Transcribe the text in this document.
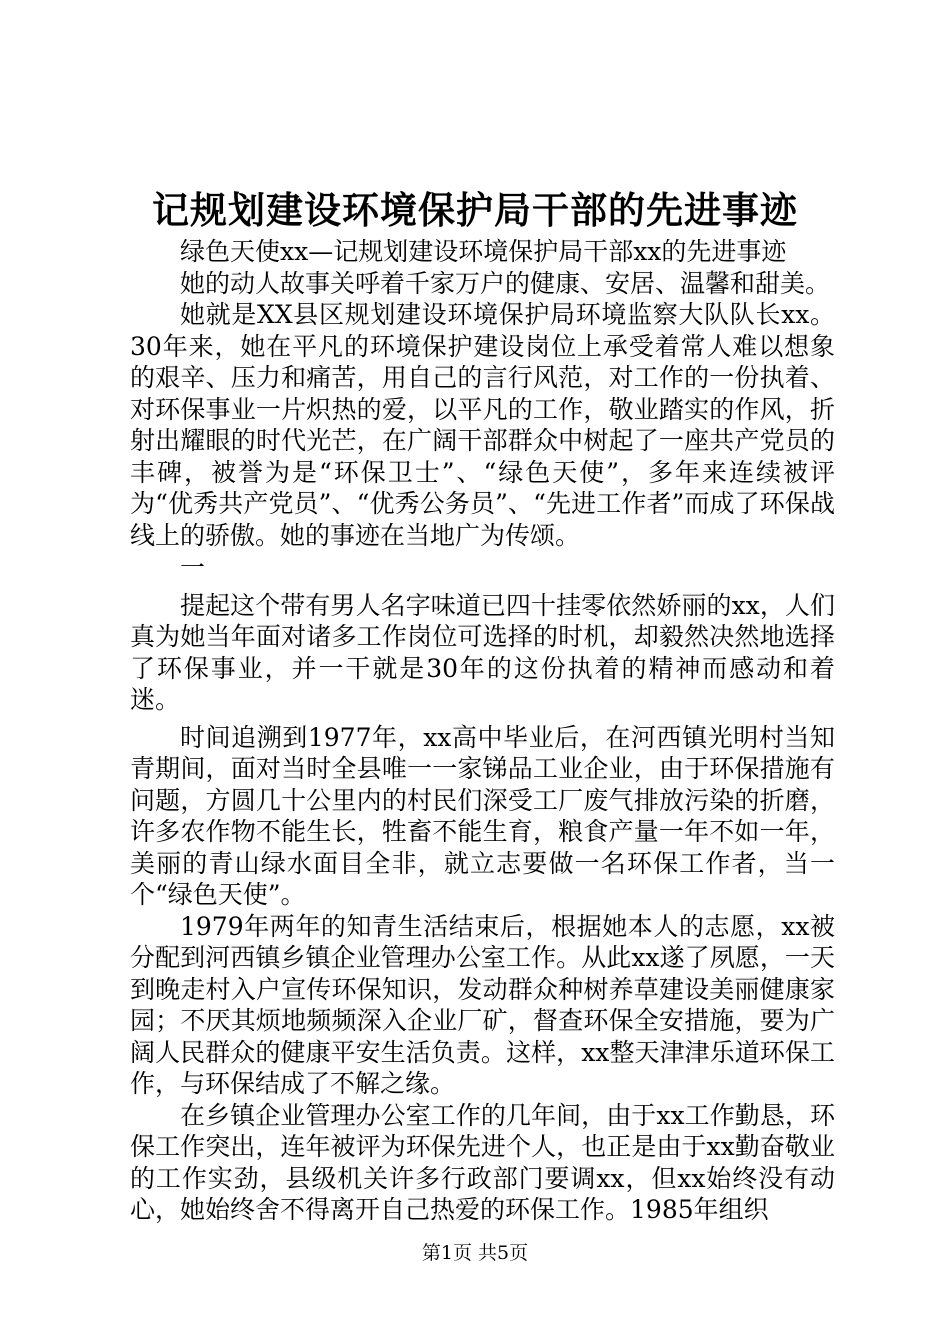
记规划建设环境保护局干部的先进事迹

绿色天使xx—记规划建设环境保护局干部xx的先进事迹

她的动人故事关呼着千家万户的健康、安居、温馨和甜美。

她就是XX县区规划建设环境保护局环境监察大队队长xx。30年来，她在平凡的环境保护建设岗位上承受着常人难以想象的艰辛、压力和痛苦，用自己的言行风范，对工作的一份执着、对环保事业一片炽热的爱，以平凡的工作，敬业踏实的作风，折射出耀眼的时代光芒，在广阔干部群众中树起了一座共产党员的丰碑，被誉为是“环保卫士”、“绿色天使”，多年来连续被评为“优秀共产党员”、“优秀公务员”、“先进工作者”而成了环保战线上的骄傲。她的事迹在当地广为传颂。

一

提起这个带有男人名字味道已四十挂零依然娇丽的xx，人们真为她当年面对诸多工作岗位可选择的时机，却毅然决然地选择了环保事业，并一干就是30年的这份执着的精神而感动和着迷。

时间追溯到1977年，xx高中毕业后，在河西镇光明村当知青期间，面对当时全县唯一一家锑品工业企业，由于环保措施有问题，方圆几十公里内的村民们深受工厂废气排放污染的折磨，许多农作物不能生长，牲畜不能生育，粮食产量一年不如一年，美丽的青山绿水面目全非，就立志要做一名环保工作者，当一个“绿色天使”。

1979年两年的知青生活结束后，根据她本人的志愿，xx被分配到河西镇乡镇企业管理办公室工作。从此xx遂了夙愿，一天到晚走村入户宣传环保知识，发动群众种树养草建设美丽健康家园；不厌其烦地频频深入企业厂矿，督查环保全安措施，要为广阔人民群众的健康平安生活负责。这样，xx整天津津乐道环保工作，与环保结成了不解之缘。

在乡镇企业管理办公室工作的几年间，由于xx工作勤恳，环保工作突出，连年被评为环保先进个人，也正是由于xx勤奋敬业的工作实劲，县级机关许多行政部门要调xx，但xx始终没有动心，她始终舍不得离开自己热爱的环保工作。1985年组织

第1页 共5页
